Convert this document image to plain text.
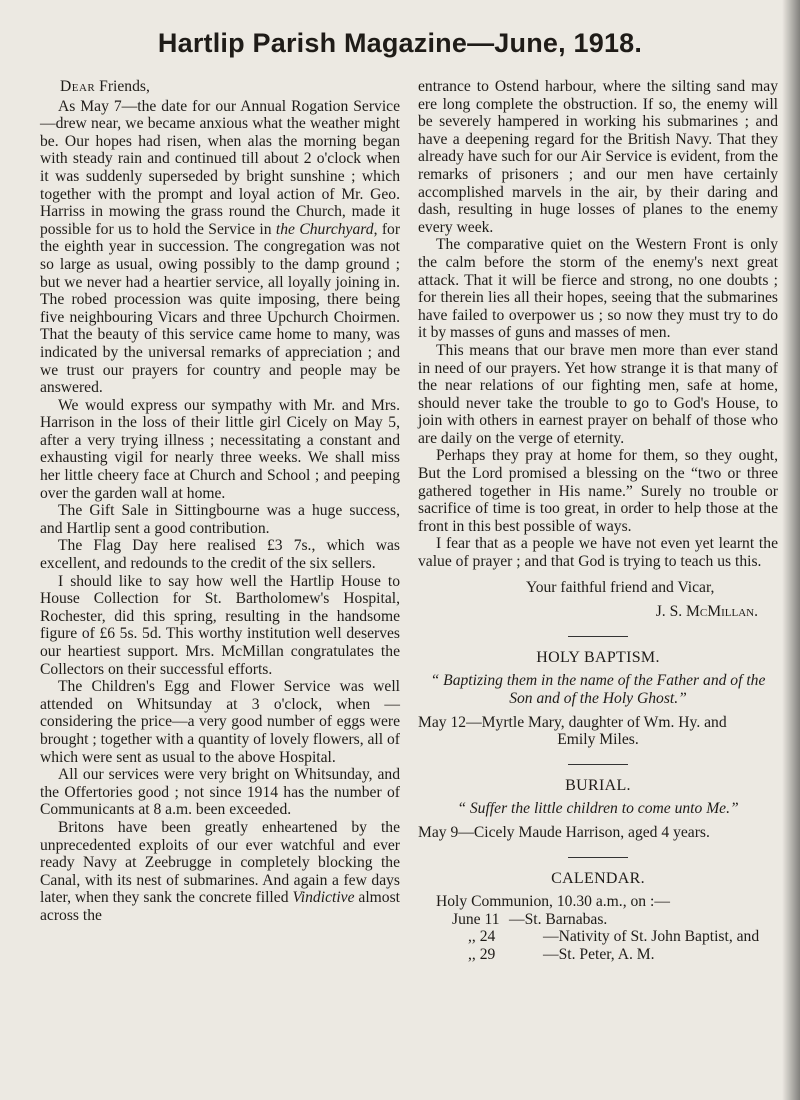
Hartlip Parish Magazine—June, 1918.

Dear Friends,

As May 7—the date for our Annual Rogation Service—drew near, we became anxious what the weather might be. Our hopes had risen, when alas the morning began with steady rain and continued till about 2 o'clock when it was suddenly superseded by bright sunshine ; which together with the prompt and loyal action of Mr. Geo. Harriss in mowing the grass round the Church, made it possible for us to hold the Service in the Churchyard, for the eighth year in succession. The congregation was not so large as usual, owing possibly to the damp ground ; but we never had a heartier service, all loyally joining in. The robed procession was quite imposing, there being five neighbouring Vicars and three Upchurch Choirmen. That the beauty of this service came home to many, was indicated by the universal remarks of appreciation ; and we trust our prayers for country and people may be answered.

We would express our sympathy with Mr. and Mrs. Harrison in the loss of their little girl Cicely on May 5, after a very trying illness ; necessitating a constant and exhausting vigil for nearly three weeks. We shall miss her little cheery face at Church and School ; and peeping over the garden wall at home.

The Gift Sale in Sittingbourne was a huge success, and Hartlip sent a good contribution.

The Flag Day here realised £3 7s., which was excellent, and redounds to the credit of the six sellers.

I should like to say how well the Hartlip House to House Collection for St. Bartholomew's Hospital, Rochester, did this spring, resulting in the handsome figure of £6 5s. 5d. This worthy institution well deserves our heartiest support. Mrs. McMillan congratulates the Collectors on their successful efforts.

The Children's Egg and Flower Service was well attended on Whitsunday at 3 o'clock, when —considering the price—a very good number of eggs were brought ; together with a quantity of lovely flowers, all of which were sent as usual to the above Hospital.

All our services were very bright on Whitsunday, and the Offertories good ; not since 1914 has the number of Communicants at 8 a.m. been exceeded.

Britons have been greatly enheartened by the unprecedented exploits of our ever watchful and ever ready Navy at Zeebrugge in completely blocking the Canal, with its nest of submarines. And again a few days later, when they sank the concrete filled Vindictive almost across the

entrance to Ostend harbour, where the silting sand may ere long complete the obstruction. If so, the enemy will be severely hampered in working his submarines ; and have a deepening regard for the British Navy. That they already have such for our Air Service is evident, from the remarks of prisoners ; and our men have certainly accomplished marvels in the air, by their daring and dash, resulting in huge losses of planes to the enemy every week.

The comparative quiet on the Western Front is only the calm before the storm of the enemy's next great attack. That it will be fierce and strong, no one doubts ; for therein lies all their hopes, seeing that the submarines have failed to overpower us ; so now they must try to do it by masses of guns and masses of men.

This means that our brave men more than ever stand in need of our prayers. Yet how strange it is that many of the near relations of our fighting men, safe at home, should never take the trouble to go to God's House, to join with others in earnest prayer on behalf of those who are daily on the verge of eternity.

Perhaps they pray at home for them, so they ought, But the Lord promised a blessing on the “two or three gathered together in His name.” Surely no trouble or sacrifice of time is too great, in order to help those at the front in this best possible of ways.

I fear that as a people we have not even yet learnt the value of prayer ; and that God is trying to teach us this.

Your faithful friend and Vicar,

J. S. McMillan.

HOLY BAPTISM.

“ Baptizing them in the name of the Father and of the Son and of the Holy Ghost.”

May 12—Myrtle Mary, daughter of Wm. Hy. and

Emily Miles.

BURIAL.

“ Suffer the little children to come unto Me.”

May 9—Cicely Maude Harrison, aged 4 years.

CALENDAR.

Holy Communion, 10.30 a.m., on :—

June 11 —St. Barnabas.

,, 24	—Nativity of St. John Baptist, and

,, 29	—St. Peter, A. M.
